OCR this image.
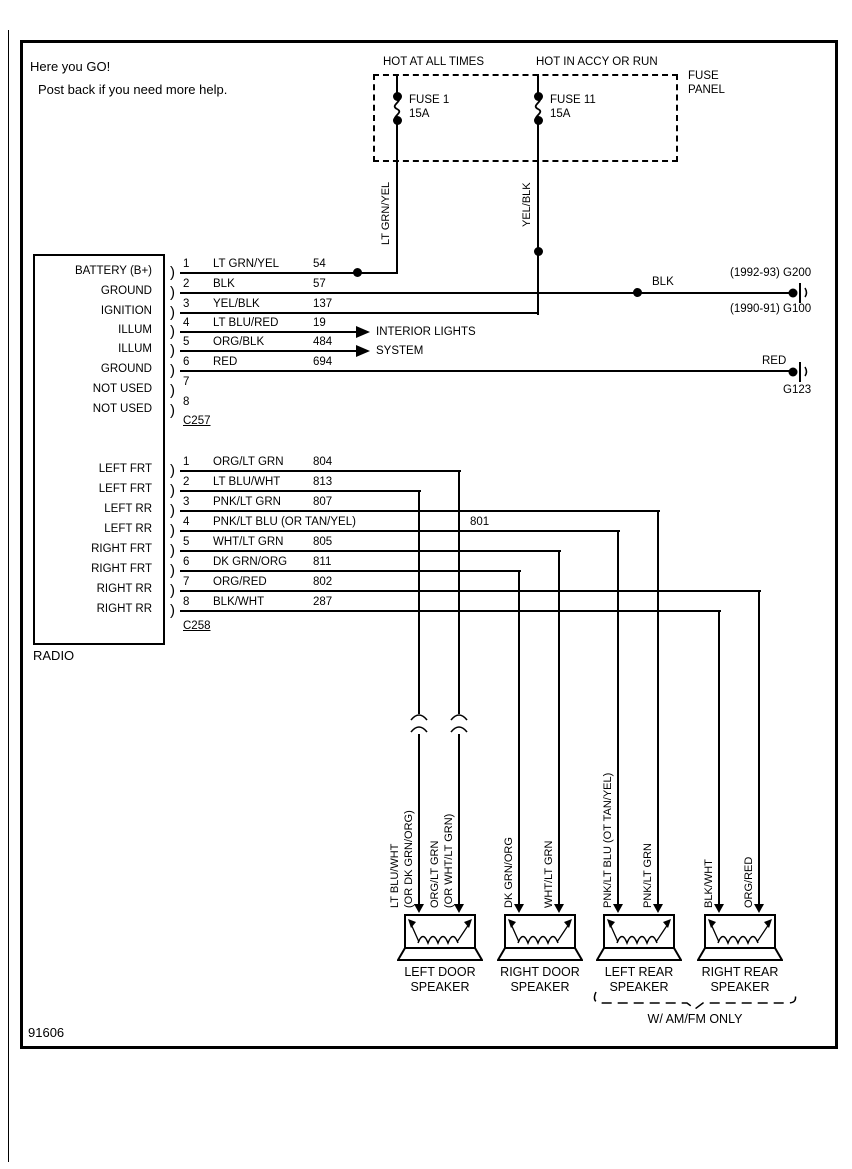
Here you GO!
Post back if you need more help.
HOT AT ALL TIMES	HOT IN ACCY OR RUN
FUSE
PANEL
FUSE 1
15A
LT GRN/YEL
FUSE 11
15A
YEL/BLK
RADIO
BATTERY (B+)
GROUND
IGNITION
ILLUM
ILLUM
GROUND
NOT USED
NOT USED
)
)
)
)
)
)
)
)
1 LT GRN/YEL	54
2 BLK	57
3 YEL/BLK	137
4 LT BLU/RED	19
5 ORG/BLK	484
6 RED	694
7
8
C257
INTERIOR LIGHTS
SYSTEM
BLK
(1992-93) G200
(1990-91) G100
RED
G123
LEFT FRT
LEFT FRT
LEFT RR
LEFT RR
RIGHT FRT
RIGHT FRT
RIGHT RR
RIGHT RR
)
)
)
)
)
)
)
)
1 ORG/LT GRN	804
2 LT BLU/WHT	813
3 PNK/LT GRN	807
4 PNK/LT BLU (OR TAN/YEL)	801
5 WHT/LT GRN	805
6 DK GRN/ORG 811
7 ORG/RED	802
8 BLK/WHT	287
C258
LT BLU/WHT (OR DK GRN/ORG) ORG/LT GRN (OR WHT/LT GRN)	DK GRN/ORG	WHT/LT GRN	PNK/LT BLU (OT TAN/YEL)	PNK/LT GRN	BLK/WHT	ORG/RED
LEFT DOOR
SPEAKER
RIGHT DOOR
SPEAKER
LEFT REAR
SPEAKER
RIGHT REAR
SPEAKER
W/ AM/FM ONLY
91606
